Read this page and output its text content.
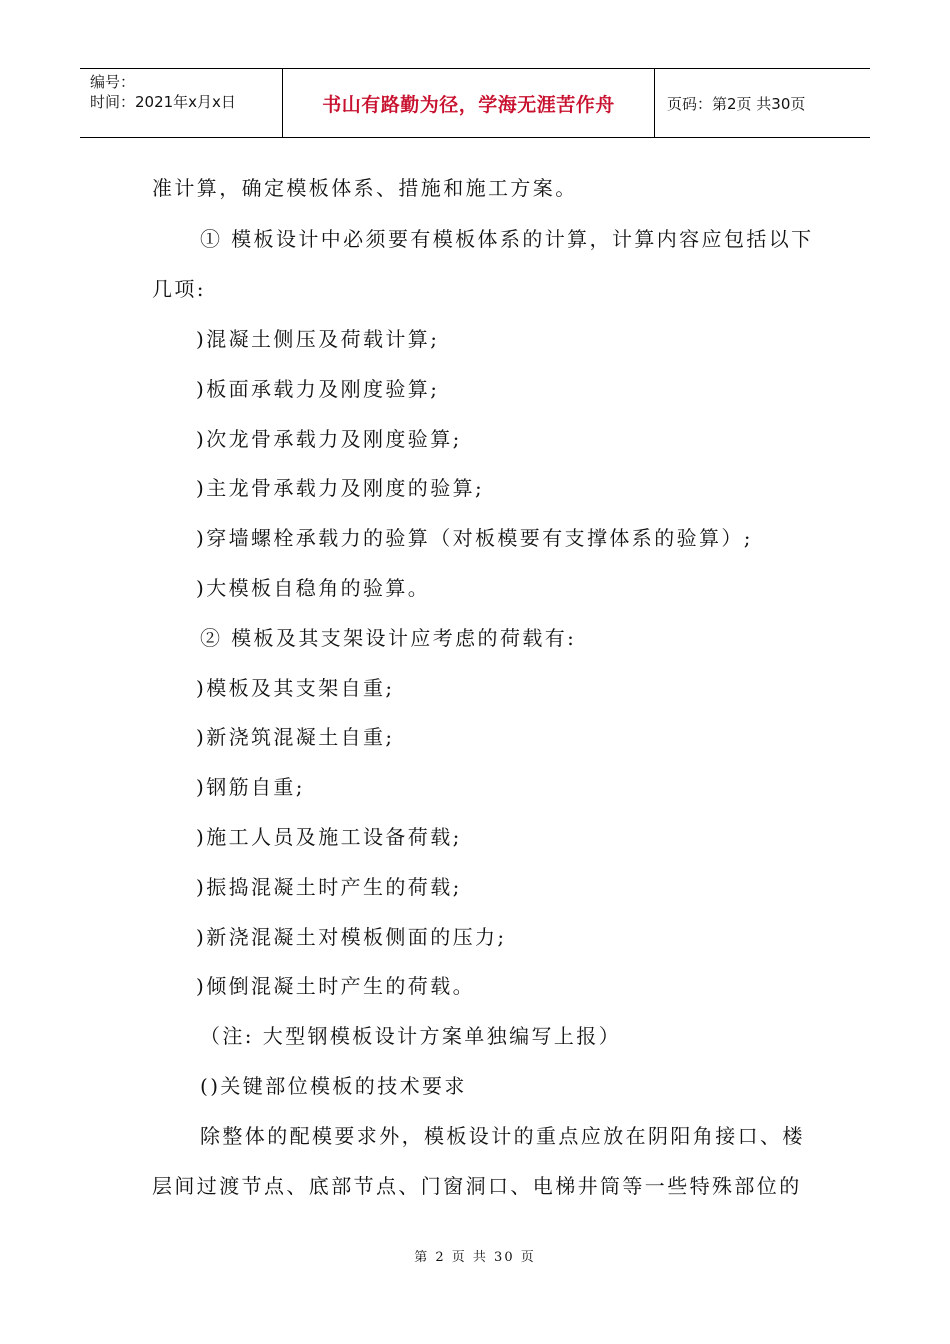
编号：
时间：2021年x月x日	书山有路勤为径，学海无涯苦作舟	页码：第2页 共30页
准计算，确定模板体系、措施和施工方案。
① 模板设计中必须要有模板体系的计算，计算内容应包括以下
几项:
)混凝土侧压及荷载计算;
)板面承载力及刚度验算;
)次龙骨承载力及刚度验算;
)主龙骨承载力及刚度的验算;
)穿墙螺栓承载力的验算（对板模要有支撑体系的验算）;
)大模板自稳角的验算。
② 模板及其支架设计应考虑的荷载有:
)模板及其支架自重;
)新浇筑混凝土自重;
)钢筋自重;
)施工人员及施工设备荷载;
)振捣混凝土时产生的荷载;
)新浇混凝土对模板侧面的压力;
)倾倒混凝土时产生的荷载。
（注: 大型钢模板设计方案单独编写上报）
()关键部位模板的技术要求
除整体的配模要求外，模板设计的重点应放在阴阳角接口、楼
层间过渡节点、底部节点、门窗洞口、电梯井筒等一些特殊部位的
第 2 页 共 30 页
